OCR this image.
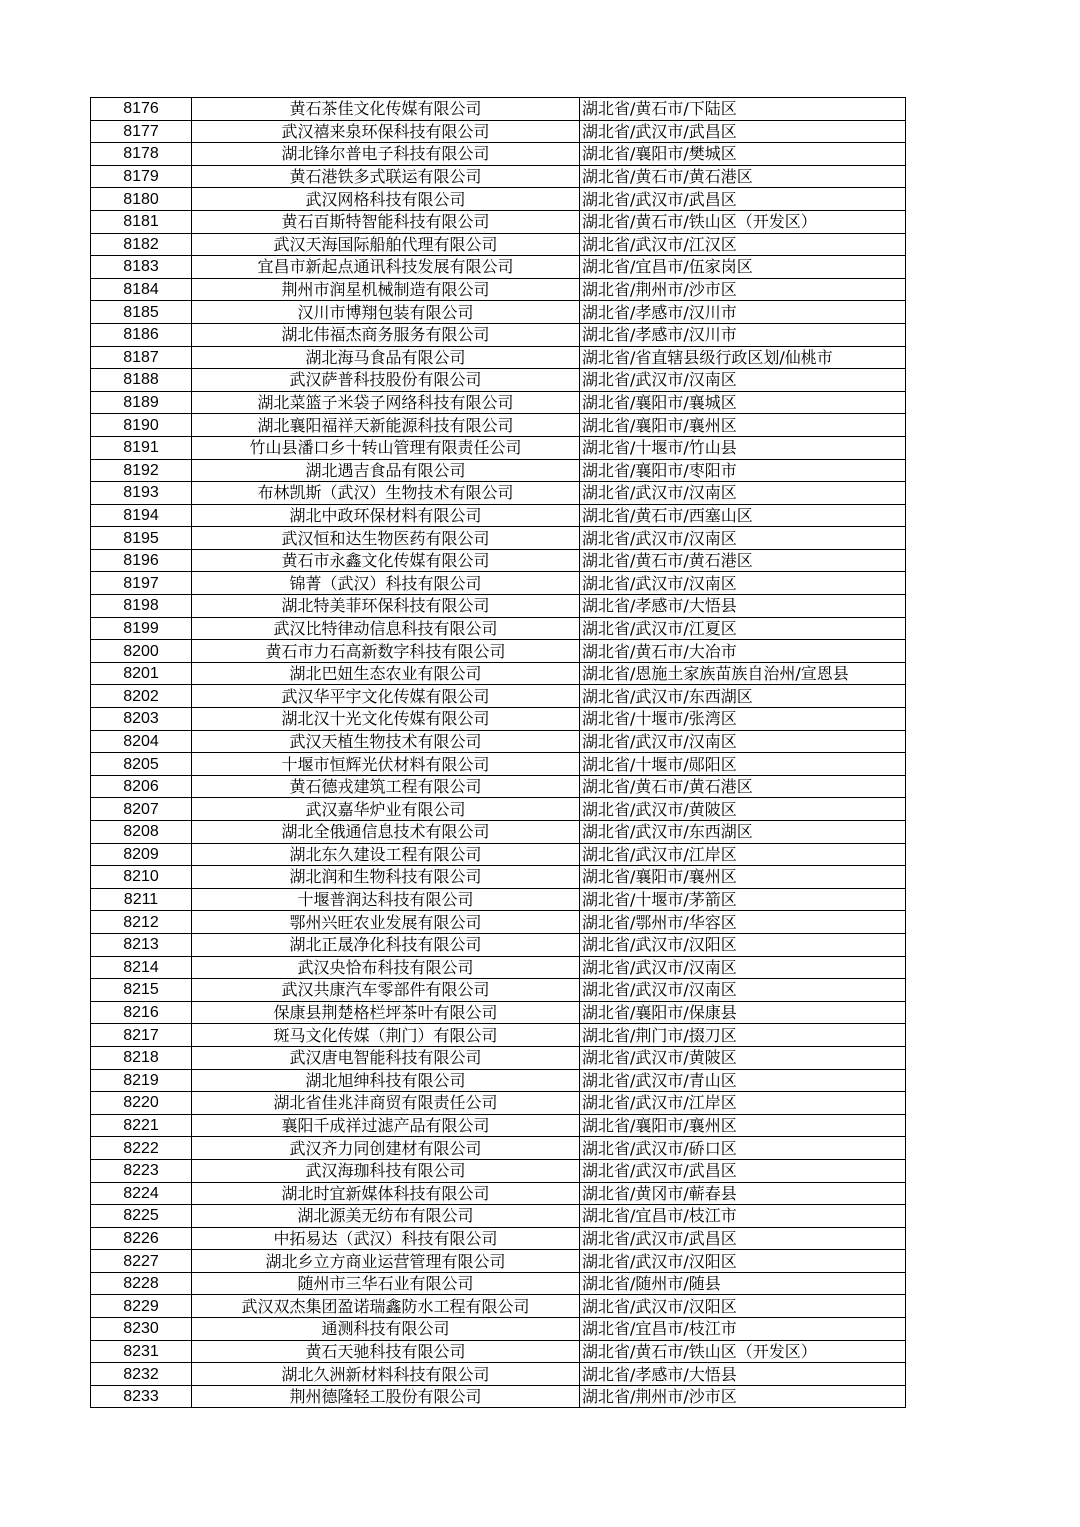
8176	黄石茶佳文化传媒有限公司	湖北省/黄石市/下陆区
8177	武汉禧来泉环保科技有限公司	湖北省/武汉市/武昌区
8178	湖北锋尔普电子科技有限公司	湖北省/襄阳市/樊城区
8179	黄石港铁多式联运有限公司	湖北省/黄石市/黄石港区
8180	武汉网格科技有限公司	湖北省/武汉市/武昌区
8181	黄石百斯特智能科技有限公司	湖北省/黄石市/铁山区（开发区）
8182	武汉天海国际船舶代理有限公司	湖北省/武汉市/江汉区
8183	宜昌市新起点通讯科技发展有限公司	湖北省/宜昌市/伍家岗区
8184	荆州市润星机械制造有限公司	湖北省/荆州市/沙市区
8185	汉川市博翔包装有限公司	湖北省/孝感市/汉川市
8186	湖北伟福杰商务服务有限公司	湖北省/孝感市/汉川市
8187	湖北海马食品有限公司	湖北省/省直辖县级行政区划/仙桃市
8188	武汉萨普科技股份有限公司	湖北省/武汉市/汉南区
8189	湖北菜篮子米袋子网络科技有限公司	湖北省/襄阳市/襄城区
8190	湖北襄阳福祥天新能源科技有限公司	湖北省/襄阳市/襄州区
8191	竹山县潘口乡十转山管理有限责任公司	湖北省/十堰市/竹山县
8192	湖北遇吉食品有限公司	湖北省/襄阳市/枣阳市
8193	布林凯斯（武汉）生物技术有限公司	湖北省/武汉市/汉南区
8194	湖北中政环保材料有限公司	湖北省/黄石市/西塞山区
8195	武汉恒和达生物医药有限公司	湖北省/武汉市/汉南区
8196	黄石市永鑫文化传媒有限公司	湖北省/黄石市/黄石港区
8197	锦菁（武汉）科技有限公司	湖北省/武汉市/汉南区
8198	湖北特美菲环保科技有限公司	湖北省/孝感市/大悟县
8199	武汉比特律动信息科技有限公司	湖北省/武汉市/江夏区
8200	黄石市力石高新数字科技有限公司	湖北省/黄石市/大冶市
8201	湖北巴妞生态农业有限公司	湖北省/恩施土家族苗族自治州/宣恩县
8202	武汉华平宇文化传媒有限公司	湖北省/武汉市/东西湖区
8203	湖北汉十光文化传媒有限公司	湖北省/十堰市/张湾区
8204	武汉天植生物技术有限公司	湖北省/武汉市/汉南区
8205	十堰市恒辉光伏材料有限公司	湖北省/十堰市/郧阳区
8206	黄石德戎建筑工程有限公司	湖北省/黄石市/黄石港区
8207	武汉嘉华炉业有限公司	湖北省/武汉市/黄陂区
8208	湖北全俄通信息技术有限公司	湖北省/武汉市/东西湖区
8209	湖北东久建设工程有限公司	湖北省/武汉市/江岸区
8210	湖北润和生物科技有限公司	湖北省/襄阳市/襄州区
8211	十堰普润达科技有限公司	湖北省/十堰市/茅箭区
8212	鄂州兴旺农业发展有限公司	湖北省/鄂州市/华容区
8213	湖北正晟净化科技有限公司	湖北省/武汉市/汉阳区
8214	武汉央恰布科技有限公司	湖北省/武汉市/汉南区
8215	武汉共康汽车零部件有限公司	湖北省/武汉市/汉南区
8216	保康县荆楚格栏坪茶叶有限公司	湖北省/襄阳市/保康县
8217	斑马文化传媒（荆门）有限公司	湖北省/荆门市/掇刀区
8218	武汉唐电智能科技有限公司	湖北省/武汉市/黄陂区
8219	湖北旭绅科技有限公司	湖北省/武汉市/青山区
8220	湖北省佳兆沣商贸有限责任公司	湖北省/武汉市/江岸区
8221	襄阳千成祥过滤产品有限公司	湖北省/襄阳市/襄州区
8222	武汉齐力同创建材有限公司	湖北省/武汉市/硚口区
8223	武汉海珈科技有限公司	湖北省/武汉市/武昌区
8224	湖北时宜新媒体科技有限公司	湖北省/黄冈市/蕲春县
8225	湖北源美无纺布有限公司	湖北省/宜昌市/枝江市
8226	中拓易达（武汉）科技有限公司	湖北省/武汉市/武昌区
8227	湖北乡立方商业运营管理有限公司	湖北省/武汉市/汉阳区
8228	随州市三华石业有限公司	湖北省/随州市/随县
8229	武汉双杰集团盈诺瑞鑫防水工程有限公司	湖北省/武汉市/汉阳区
8230	通测科技有限公司	湖北省/宜昌市/枝江市
8231	黄石天驰科技有限公司	湖北省/黄石市/铁山区（开发区）
8232	湖北久洲新材料科技有限公司	湖北省/孝感市/大悟县
8233	荆州德隆轻工股份有限公司	湖北省/荆州市/沙市区
